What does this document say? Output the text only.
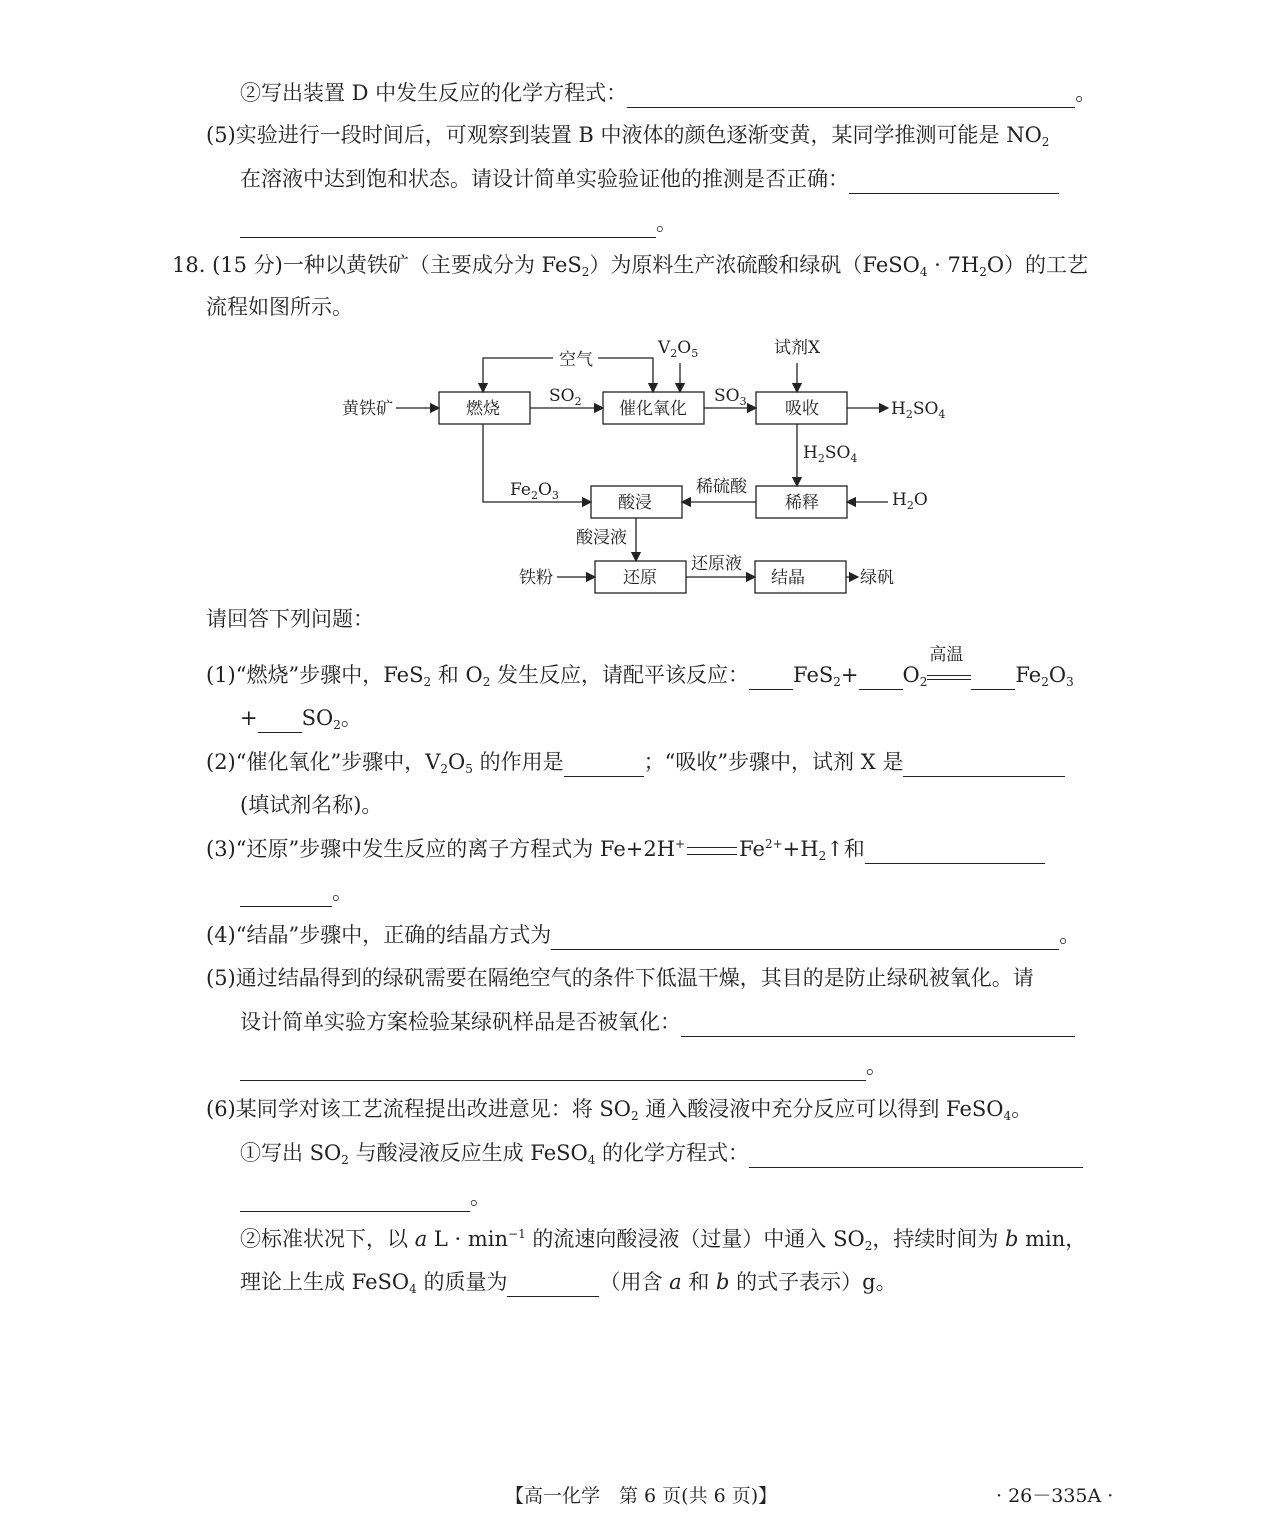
②写出装置 D 中发生反应的化学方程式：	。
(5)实验进行一段时间后，可观察到装置 B 中液体的颜色逐渐变黄，某同学推测可能是 $NO_2$
在溶液中达到饱和状态。请设计简单实验验证他的推测是否正确：
。
18. (15 分)一种以黄铁矿（主要成分为 FeS$_2$）为原料生产浓硫酸和绿矾（FeSO$_4$ · $7H_2O$）的工艺
流程如图所示。
黄铁矿	燃烧	催化氧化	吸收
稀释
酸浸
还原	结晶
空气
试剂X
稀硫酸
酸浸液
还原液
铁粉	绿矾
$V_2O_5$
$SO_2$	$SO_3$	$H_2SO_4$
$H_2SO_4$
$H_2O$
$Fe_2O_3$
请回答下列问题：
(1)“燃烧”步骤中，FeS$_2$ 和 $O_2$ 发生反应，请配平该反应： $FeS_2+ O_2$
高温
$Fe_2O_3$
+ $SO_2$。
(2)“催化氧化”步骤中，$V_2O_5$ 的作用是	；“吸收”步骤中，试剂 X 是
(填试剂名称)。
(3)“还原”步骤中发生反应的离子方程式为 Fe+2H+	$Fe^{2+}+H_2↑$和
。
(4)“结晶”步骤中，正确的结晶方式为	。
(5)通过结晶得到的绿矾需要在隔绝空气的条件下低温干燥，其目的是防止绿矾被氧化。请
设计简单实验方案检验某绿矾样品是否被氧化：
。
(6)某同学对该工艺流程提出改进意见：将 $SO_2$ 通入酸浸液中充分反应可以得到 FeSO$_4$。
①写出 $SO_2$ 与酸浸液反应生成 FeSO$_4$ 的化学方程式：
。
②标准状况下，以 a $L \cdot \min^{-1}$ 的流速向酸浸液（过量）中通入 $SO_2$，持续时间为 b min，
理论上生成 FeSO$_4$ 的质量为	（用含 a 和 b 的式子表示）g。
【高一化学　第 6 页(共 6 页)】	· 26－335A ·
